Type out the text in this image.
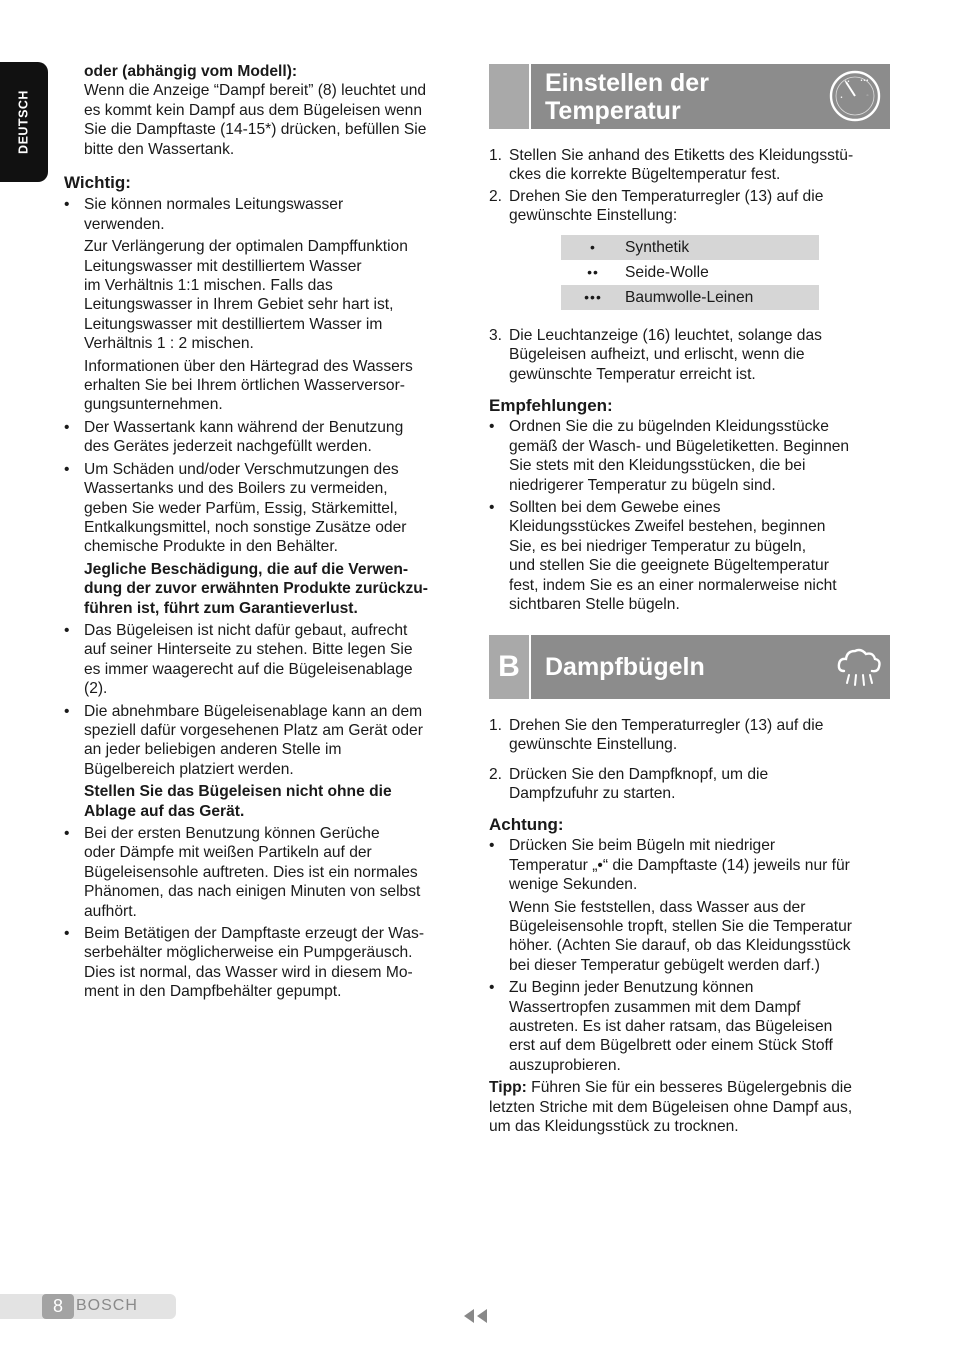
DEUTSCH

oder (abhängig vom Modell):

Wenn die Anzeige “Dampf bereit” (8) leuchtet und
es kommt kein Dampf aus dem Bügeleisen wenn
Sie die Dampftaste (14-15*) drücken, befüllen Sie
bitte den Wassertank.

Wichtig:

• Sie können normales Leitungswasser
verwenden.

Zur Verlängerung der optimalen Dampffunktion
Leitungswasser mit destilliertem Wasser
im Verhältnis 1:1 mischen. Falls das
Leitungswasser in Ihrem Gebiet sehr hart ist,
Leitungswasser mit destilliertem Wasser im
Verhältnis 1 : 2 mischen.

Informationen über den Härtegrad des Wassers
erhalten Sie bei Ihrem örtlichen Wasserversor-
gungsunternehmen.

• Der Wassertank kann während der Benutzung
des Gerätes jederzeit nachgefüllt werden.

• Um Schäden und/oder Verschmutzungen des
Wassertanks und des Boilers zu vermeiden,
geben Sie weder Parfüm, Essig, Stärkemittel,
Entkalkungsmittel, noch sonstige Zusätze oder
chemische Produkte in den Behälter.

Jegliche Beschädigung, die auf die Verwen-
dung der zuvor erwähnten Produkte zurückzu-
führen ist, führt zum Garantieverlust.

• Das Bügeleisen ist nicht dafür gebaut, aufrecht
auf seiner Hinterseite zu stehen. Bitte legen Sie
es immer waagerecht auf die Bügeleisenablage
(2).

• Die abnehmbare Bügeleisenablage kann an dem
speziell dafür vorgesehenen Platz am Gerät oder
an jeder beliebigen anderen Stelle im
Bügelbereich platziert werden.

Stellen Sie das Bügeleisen nicht ohne die
Ablage auf das Gerät.

• Bei der ersten Benutzung können Gerüche
oder Dämpfe mit weißen Partikeln auf der
Bügeleisensohle auftreten. Dies ist ein normales
Phänomen, das nach einigen Minuten von selbst
aufhört.

• Beim Betätigen der Dampftaste erzeugt der Was-
serbehälter möglicherweise ein Pumpgeräusch.
Dies ist normal, das Wasser wird in diesem Mo-
ment in den Dampfbehälter gepumpt.

Einstellen der
Temperatur	•
•• •••
◦
1. Stellen Sie anhand des Etiketts des Kleidungsstü-
ckes die korrekte Bügeltemperatur fest.

2. Drehen Sie den Temperaturregler (13) auf die
gewünschte Einstellung:

•	Synthetik
••	Seide-Wolle
•••	Baumwolle-Leinen
3. Die Leuchtanzeige (16) leuchtet, solange das
Bügeleisen aufheizt, und erlischt, wenn die
gewünschte Temperatur erreicht ist.

Empfehlungen:

• Ordnen Sie die zu bügelnden Kleidungsstücke
gemäß der Wasch- und Bügeletiketten. Beginnen
Sie stets mit den Kleidungsstücken, die bei
niedrigerer Temperatur zu bügeln sind.

• Sollten bei dem Gewebe eines
Kleidungsstückes Zweifel bestehen, beginnen
Sie, es bei niedriger Temperatur zu bügeln,
und stellen Sie die geeignete Bügeltemperatur
fest, indem Sie es an einer normalerweise nicht
sichtbaren Stelle bügeln.

B	Dampfbügeln
1. Drehen Sie den Temperaturregler (13) auf die
gewünschte Einstellung.

2. Drücken Sie den Dampfknopf, um die
Dampfzufuhr zu starten.

Achtung:

• Drücken Sie beim Bügeln mit niedriger
Temperatur „•“ die Dampftaste (14) jeweils nur für
wenige Sekunden.

Wenn Sie feststellen, dass Wasser aus der
Bügeleisensohle tropft, stellen Sie die Temperatur
höher. (Achten Sie darauf, ob das Kleidungsstück
bei dieser Temperatur gebügelt werden darf.)

• Zu Beginn jeder Benutzung können
Wassertropfen zusammen mit dem Dampf
austreten. Es ist daher ratsam, das Bügeleisen
erst auf dem Bügelbrett oder einem Stück Stoff
auszuprobieren.

Tipp: Führen Sie für ein besseres Bügelergebnis die
letzten Striche mit dem Bügeleisen ohne Dampf aus,
um das Kleidungsstück zu trocknen.

8 BOSCH
